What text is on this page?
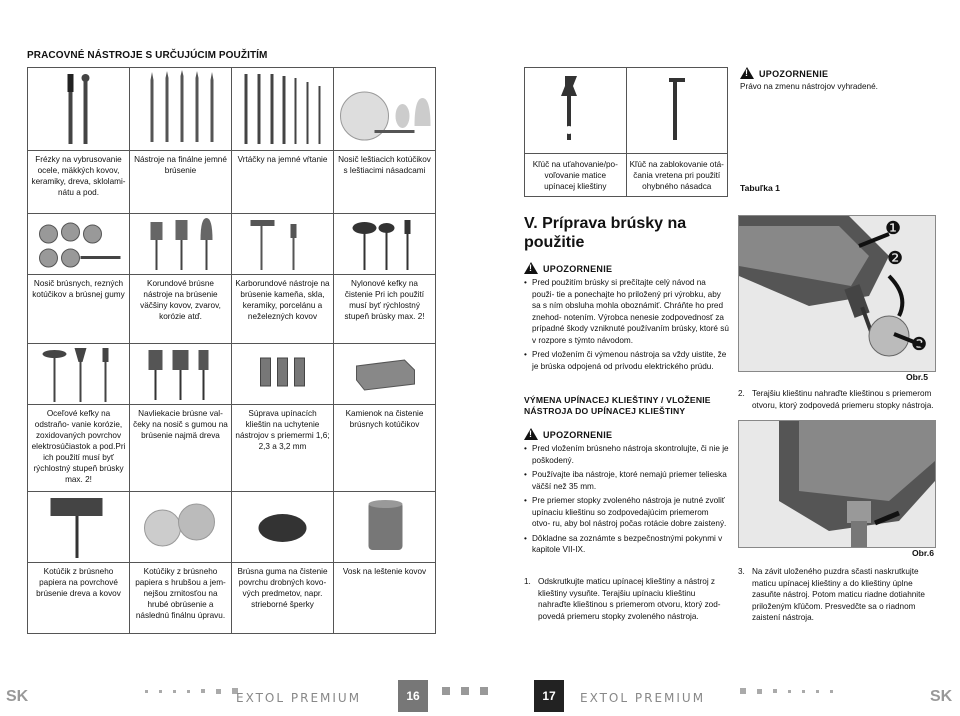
PRACOVNÉ NÁSTROJE S URČUJÚCIM POUŽITÍM

Frézky na vybrusovanie ocele, mäkkých kovov, keramiky, dreva, sklolami- nátu a pod.	Nástroje na finálne jemné brúsenie	Vrtáčky na jemné vŕtanie	Nosič leštiacich kotúčikov s leštiacimi násadcami

Nosič brúsnych, rezných kotúčikov a brúsnej gumy	Korundové brúsne nástroje na brúsenie väčšiny kovov, zvarov, korózie atď.	Karborundové nástroje na brúsenie kameňa, skla, keramiky, porcelánu a neželezných kovov	Nylonové kefky na čistenie Pri ich použití musí byť rýchlostný stupeň brúsky max. 2!

Oceľové kefky na odstraňo- vanie korózie, zoxidovaných povrchov elektrosúčiastok a pod.Pri ich použití musí byť rýchlostný stupeň brúsky max. 2!	Navliekacie brúsne val- čeky na nosič s gumou na brúsenie najmä dreva	Súprava upínacích klieštin na uchytenie nástrojov s priemermi 1,6; 2,3 a 3,2 mm	Kamienok na čistenie brúsnych kotúčikov

Kotúčik z brúsneho papiera na povrchové brúsenie dreva a kovov	Kotúčiky z brúsneho papiera s hrubšou a jem- nejšou zrnitosťou na hrubé obrúsenie a následnú finálnu úpravu.	Brúsna guma na čistenie povrchu drobných kovo- vých predmetov, napr. strieborné šperky	Vosk na leštenie kovov

Kľúč na uťahovanie/po- voľovanie matice upínacej klieštiny	Kľúč na zablokovanie otá- čania vretena pri použití ohybného násadca
!UPOZORNENIE
Právo na zmenu nástrojov vyhradené.
Tabuľka 1
V. Príprava brúsky na
použitie
!UPOZORNENIE
• Pred použitím brúsky si prečítajte celý návod na použi- tie a ponechajte ho priložený pri výrobku, aby sa s ním obsluha mohla oboznámiť. Chráňte ho pred znehod- notením. Výrobca nenesie zodpovednosť za prípadné škody vzniknuté používaním brúsky, ktoré sú v rozpore s týmto návodom.
• Pred vložením či výmenou nástroja sa vždy uistite, že je brúska odpojená od prívodu elektrického prúdu.
VÝMENA UPÍNACEJ KLIEŠTINY / VLOŽENIE
NÁSTROJA DO UPÍNACEJ KLIEŠTINY
!UPOZORNENIE
• Pred vložením brúsneho nástroja skontrolujte, či nie je poškodený.
• Používajte iba nástroje, ktoré nemajú priemer telieska väčší než 35 mm.
• Pre priemer stopky zvoleného nástroja je nutné zvoliť upínaciu klieštinu so zodpovedajúcim priemerom otvo- ru, aby bol nástroj počas rotácie dobre zaistený.
• Dôkladne sa zoznámte s bezpečnostnými pokynmi v kapitole VII-IX.
1. Odskrutkujte maticu upínacej klieštiny a nástroj z klieštiny vysuňte. Terajšiu upínaciu klieštinu nahraďte klieštinou s priemerom otvoru, ktorý zod- povedá priemeru stopky zvoleného nástroja.
❶
❷
❸
Obr.5
2. Terajšiu klieštinu nahraďte klieštinou s priemerom otvoru, ktorý zodpovedá priemeru stopky nástroja.
Obr.6
3. Na závit uloženého puzdra sčasti naskrutkujte maticu upínacej klieštiny a do klieštiny úplne zasuňte nástroj. Potom maticu riadne dotiahnite priloženým kľúčom. Presvedčte sa o riadnom zaistení nástroja.
SK	EXTOL PREMIUM	16	17	EXTOL PREMIUM	SK
